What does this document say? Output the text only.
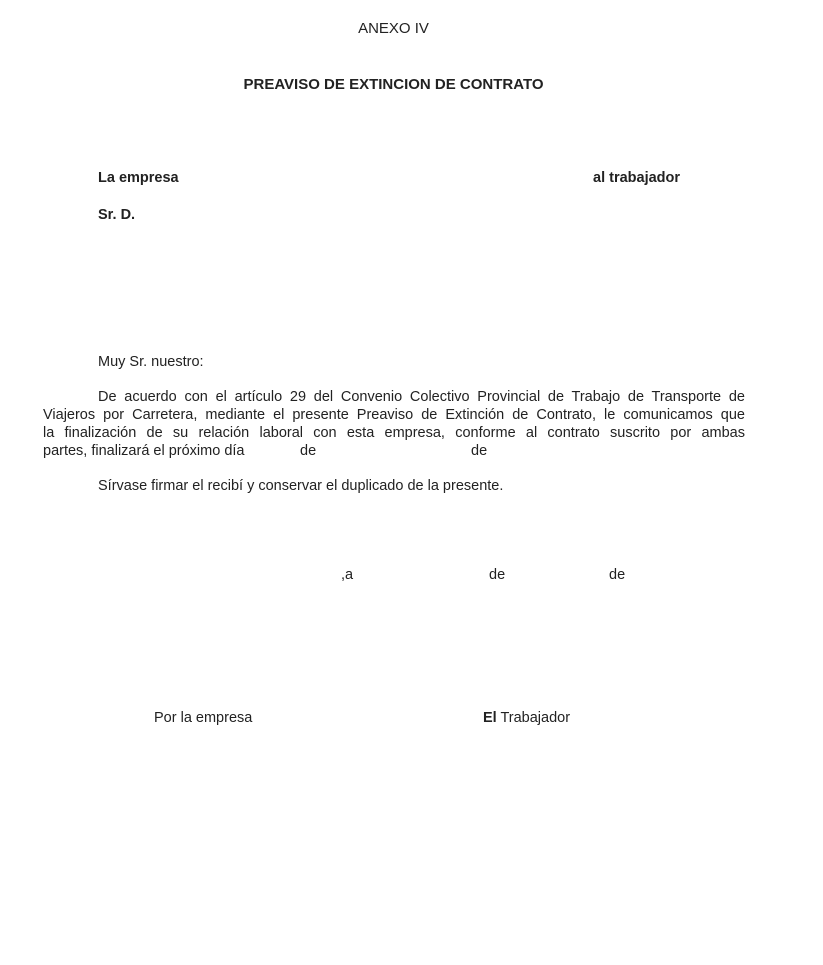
ANEXO IV
PREAVISO DE EXTINCION DE CONTRATO
La empresa	al trabajador
Sr. D.
Muy Sr. nuestro:
De acuerdo con el artículo 29 del Convenio Colectivo Provincial de Trabajo de Transporte de
Viajeros por Carretera, mediante el presente Preaviso de Extinción de Contrato, le comunicamos que
la finalización de su relación laboral con esta empresa, conforme al contrato suscrito por ambas
partes, finalizará el próximo día	de	de
Sírvase firmar el recibí y conservar el duplicado de la presente.
,a	de	de
Por la empresa	El Trabajador
